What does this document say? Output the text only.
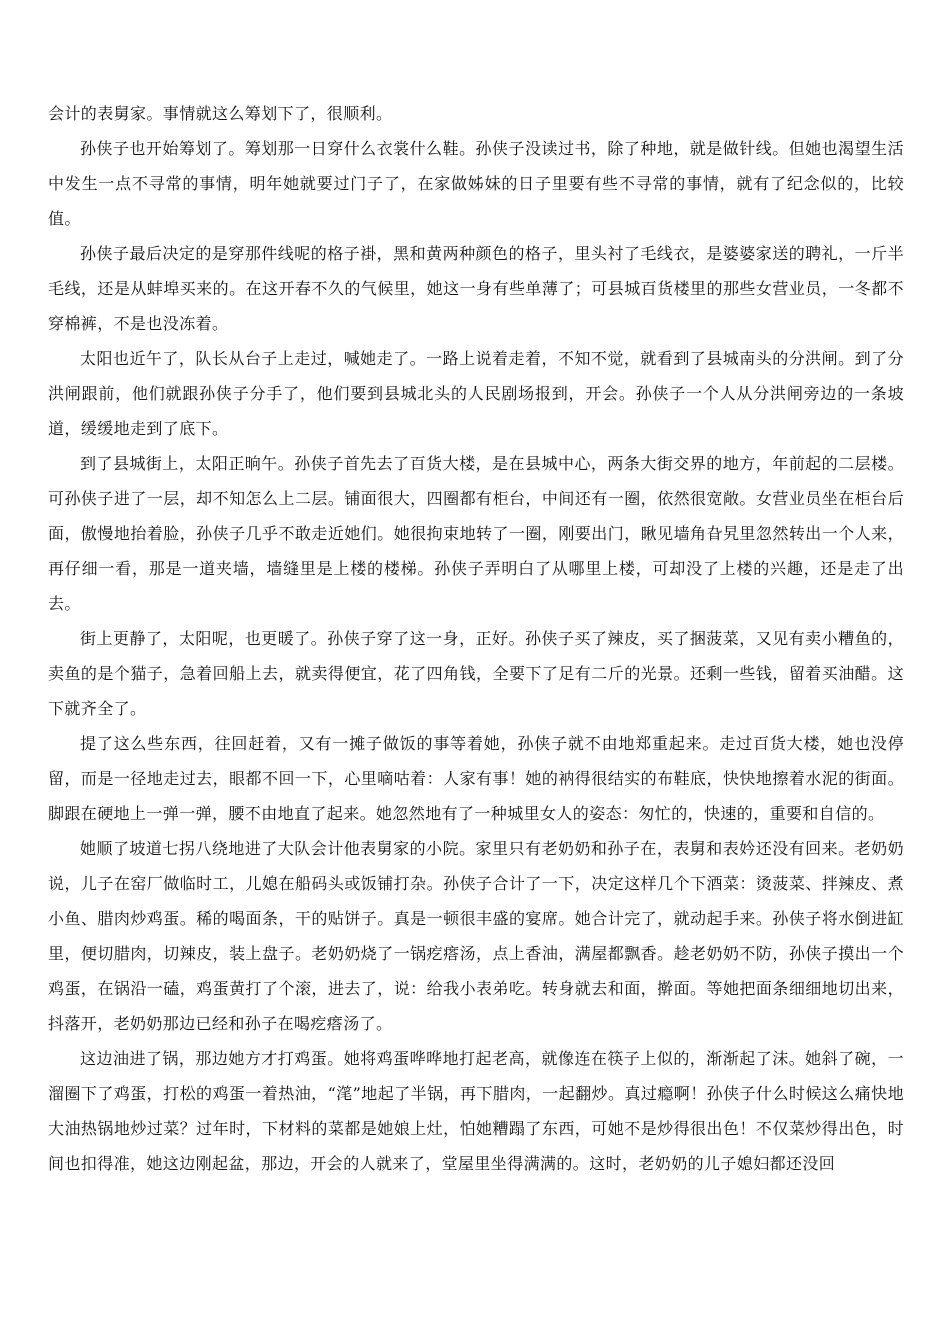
会计的表舅家。事情就这么筹划下了，很顺利。

孙侠子也开始筹划了。筹划那一日穿什么衣裳什么鞋。孙侠子没读过书，除了种地，就是做针线。但她也渴望生活中发生一点不寻常的事情，明年她就要过门子了，在家做姊妹的日子里要有些不寻常的事情，就有了纪念似的，比较值。

孙侠子最后决定的是穿那件线呢的格子褂，黑和黄两种颜色的格子，里头衬了毛线衣，是婆婆家送的聘礼，一斤半毛线，还是从蚌埠买来的。在这开春不久的气候里，她这一身有些单薄了；可县城百货楼里的那些女营业员，一冬都不穿棉裤，不是也没冻着。

太阳也近午了，队长从台子上走过，喊她走了。一路上说着走着，不知不觉，就看到了县城南头的分洪闸。到了分洪闸跟前，他们就跟孙侠子分手了，他们要到县城北头的人民剧场报到，开会。孙侠子一个人从分洪闸旁边的一条坡道，缓缓地走到了底下。

到了县城街上，太阳正晌午。孙侠子首先去了百货大楼，是在县城中心，两条大街交界的地方，年前起的二层楼。可孙侠子进了一层，却不知怎么上二层。铺面很大，四圈都有柜台，中间还有一圈，依然很宽敞。女营业员坐在柜台后面，傲慢地抬着脸，孙侠子几乎不敢走近她们。她很拘束地转了一圈，刚要出门，瞅见墙角旮旯里忽然转出一个人来，再仔细一看，那是一道夹墙，墙缝里是上楼的楼梯。孙侠子弄明白了从哪里上楼，可却没了上楼的兴趣，还是走了出去。

街上更静了，太阳呢，也更暖了。孙侠子穿了这一身，正好。孙侠子买了辣皮，买了捆菠菜，又见有卖小糟鱼的，卖鱼的是个猫子，急着回船上去，就卖得便宜，花了四角钱，全要下了足有二斤的光景。还剩一些钱，留着买油醋。这下就齐全了。

提了这么些东西，往回赶着，又有一摊子做饭的事等着她，孙侠子就不由地郑重起来。走过百货大楼，她也没停留，而是一径地走过去，眼都不回一下，心里嘀咕着：人家有事！她的衲得很结实的布鞋底，快快地擦着水泥的街面。脚跟在硬地上一弹一弹，腰不由地直了起来。她忽然地有了一种城里女人的姿态：匆忙的，快速的，重要和自信的。

她顺了坡道七拐八绕地进了大队会计他表舅家的小院。家里只有老奶奶和孙子在，表舅和表妗还没有回来。老奶奶说，儿子在窑厂做临时工，儿媳在船码头或饭铺打杂。孙侠子合计了一下，决定这样几个下酒菜：烫菠菜、拌辣皮、煮小鱼、腊肉炒鸡蛋。稀的喝面条，干的贴饼子。真是一顿很丰盛的宴席。她合计完了，就动起手来。孙侠子将水倒进缸里，便切腊肉，切辣皮，装上盘子。老奶奶烧了一锅疙瘩汤，点上香油，满屋都飘香。趁老奶奶不防，孙侠子摸出一个鸡蛋，在锅沿一磕，鸡蛋黄打了个滚，进去了，说：给我小表弟吃。转身就去和面，擀面。等她把面条细细地切出来，抖落开，老奶奶那边已经和孙子在喝疙瘩汤了。

这边油进了锅，那边她方才打鸡蛋。她将鸡蛋哗哗地打起老高，就像连在筷子上似的，渐渐起了沫。她斜了碗，一溜圈下了鸡蛋，打松的鸡蛋一着热油，“滗”地起了半锅，再下腊肉，一起翻炒。真过瘾啊！孙侠子什么时候这么痛快地大油热锅地炒过菜？过年时，下材料的菜都是她娘上灶，怕她糟蹋了东西，可她不是炒得很出色！不仅菜炒得出色，时间也扣得准，她这边刚起盆，那边，开会的人就来了，堂屋里坐得满满的。这时，老奶奶的儿子媳妇都还没回
